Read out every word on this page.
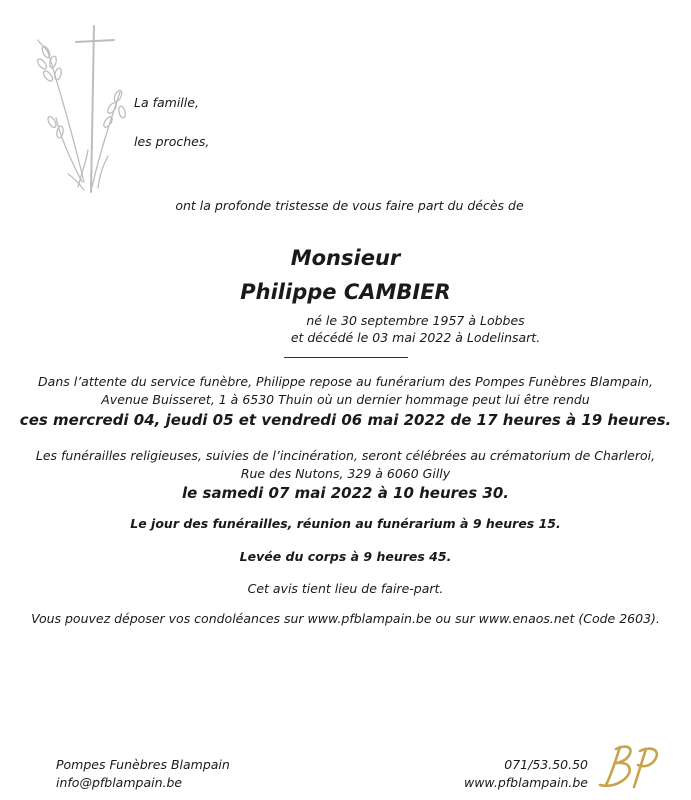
La famille,
les proches,
ont la profonde tristesse de vous faire part du décès de
Monsieur
Philippe CAMBIER
né le 30 septembre 1957 à Lobbes
et décédé le 03 mai 2022 à Lodelinsart.
Dans l’attente du service funèbre, Philippe repose au funérarium des Pompes Funèbres Blampain,
Avenue Buisseret, 1 à 6530 Thuin où un dernier hommage peut lui être rendu
ces mercredi 04, jeudi 05 et vendredi 06 mai 2022 de 17 heures à 19 heures.
Les funérailles religieuses, suivies de l’incinération, seront célébrées au crématorium de Charleroi,
Rue des Nutons, 329 à 6060 Gilly
le samedi 07 mai 2022 à 10 heures 30.
Le jour des funérailles, réunion au funérarium à 9 heures 15.
Levée du corps à 9 heures 45.
Cet avis tient lieu de faire-part.
Vous pouvez déposer vos condoléances sur www.pfblampain.be ou sur www.enaos.net (Code 2603).
Pompes Funèbres Blampain
info@pfblampain.be
071/53.50.50
www.pfblampain.be
